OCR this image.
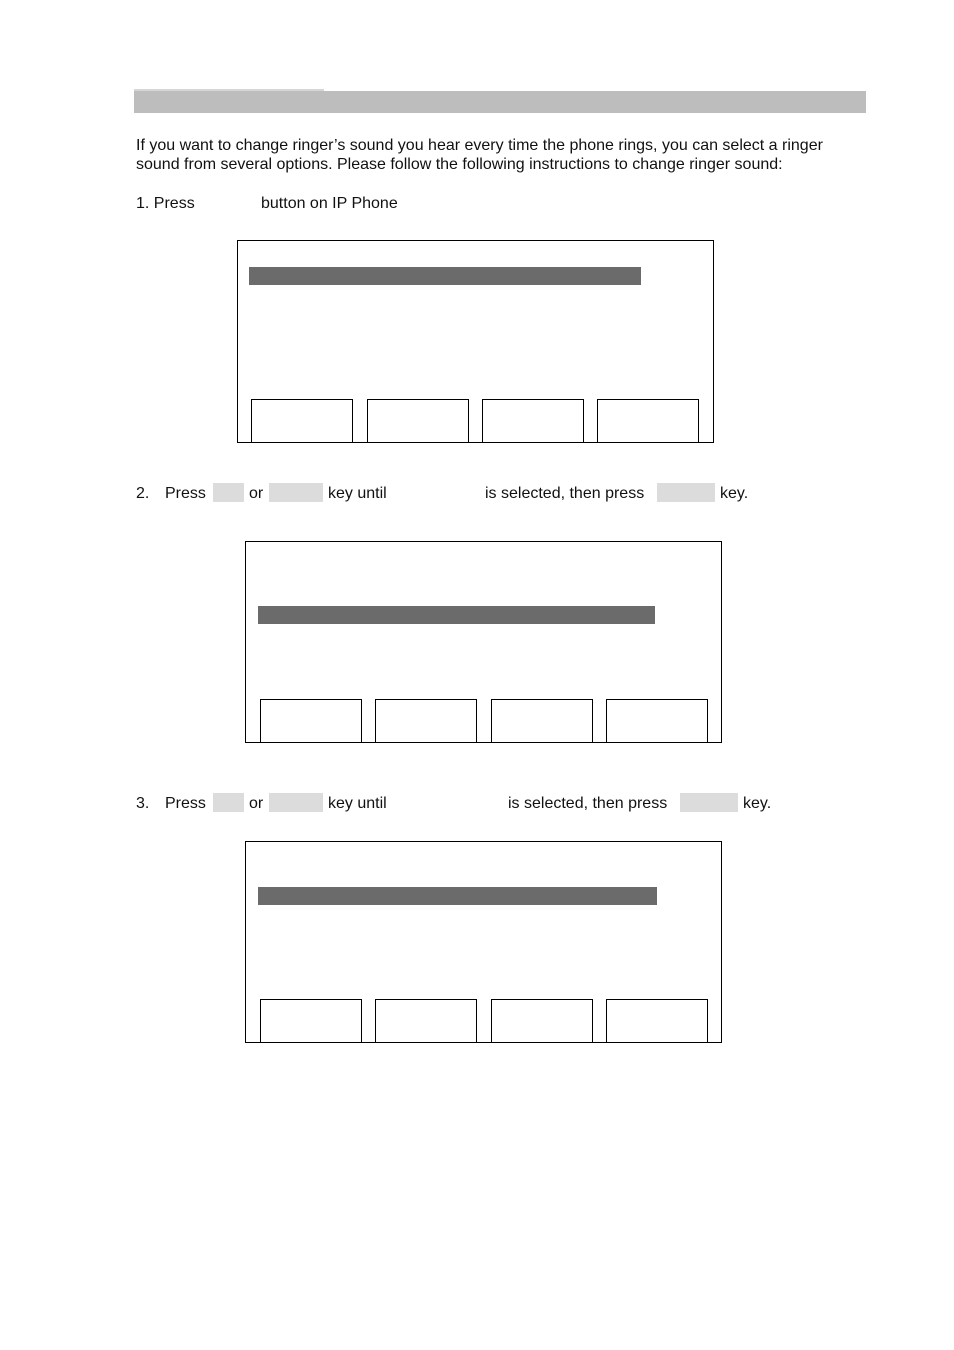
If you want to change ringer’s sound you hear every time the phone rings, you can select a ringer
sound from several options. Please follow the following instructions to change ringer sound:
1. Press	button on IP Phone
2. Press	or	key until	is selected, then press	key.
3. Press	or	key until	is selected, then press	key.
